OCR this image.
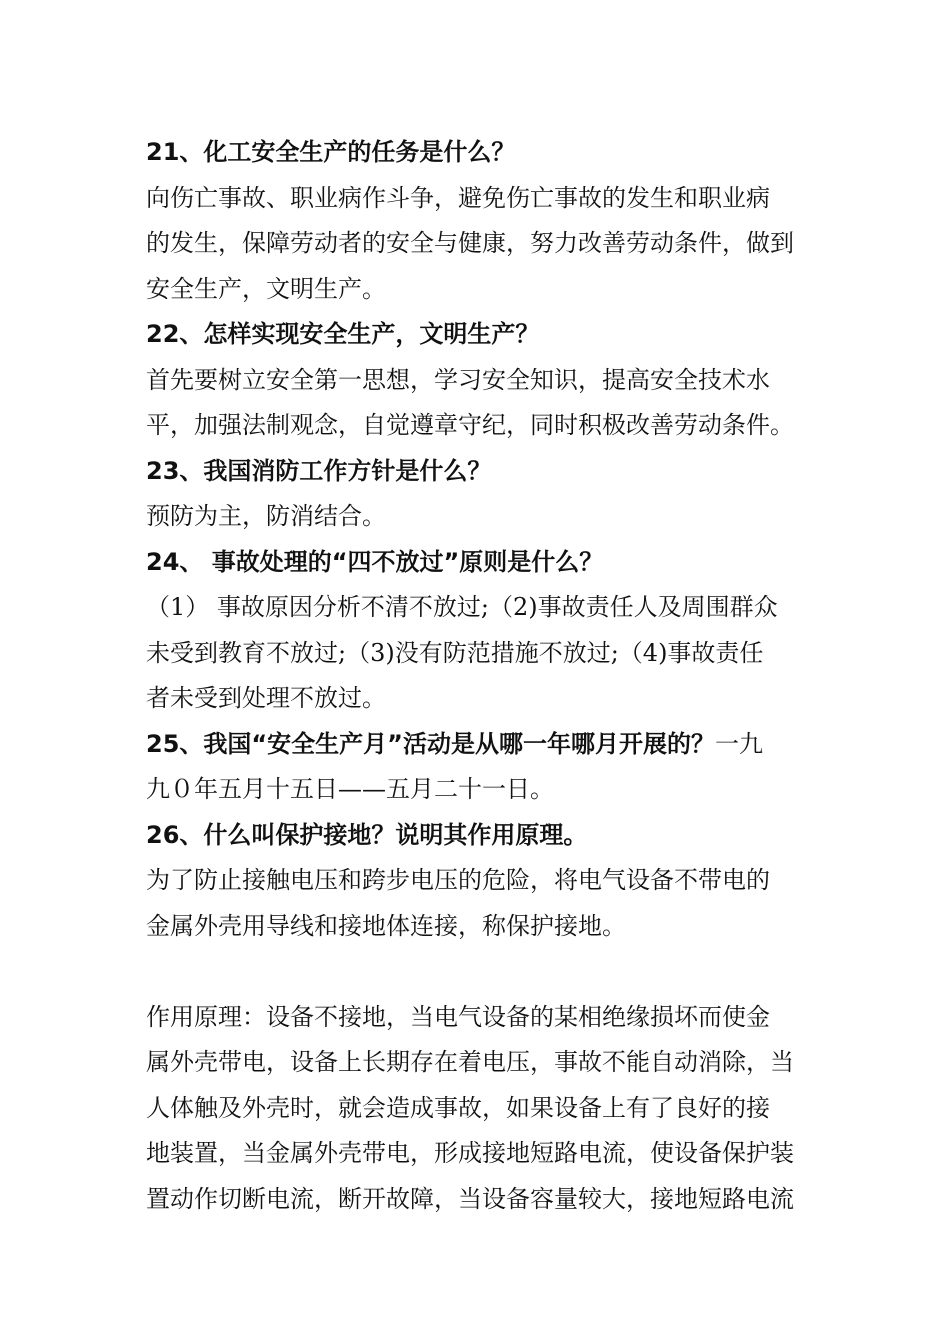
21、化工安全生产的任务是什么？
向伤亡事故、职业病作斗争，避免伤亡事故的发生和职业病
的发生，保障劳动者的安全与健康，努力改善劳动条件，做到
安全生产，文明生产。
22、怎样实现安全生产，文明生产？
首先要树立安全第一思想，学习安全知识，提高安全技术水
平，加强法制观念，自觉遵章守纪，同时积极改善劳动条件。
23、我国消防工作方针是什么？
预防为主，防消结合。
24、 事故处理的“四不放过”原则是什么？
（1） 事故原因分析不清不放过;（2)事故责任人及周围群众
未受到教育不放过;（3)没有防范措施不放过;（4)事故责任
者未受到处理不放过。
25、我国“安全生产月”活动是从哪一年哪月开展的？一九
九０年五月十五日——五月二十一日。
26、什么叫保护接地？说明其作用原理。
为了防止接触电压和跨步电压的危险，将电气设备不带电的
金属外壳用导线和接地体连接，称保护接地。
作用原理：设备不接地，当电气设备的某相绝缘损坏而使金
属外壳带电，设备上长期存在着电压，事故不能自动消除，当
人体触及外壳时，就会造成事故，如果设备上有了良好的接
地装置，当金属外壳带电，形成接地短路电流，使设备保护装
置动作切断电流，断开故障，当设备容量较大，接地短路电流
